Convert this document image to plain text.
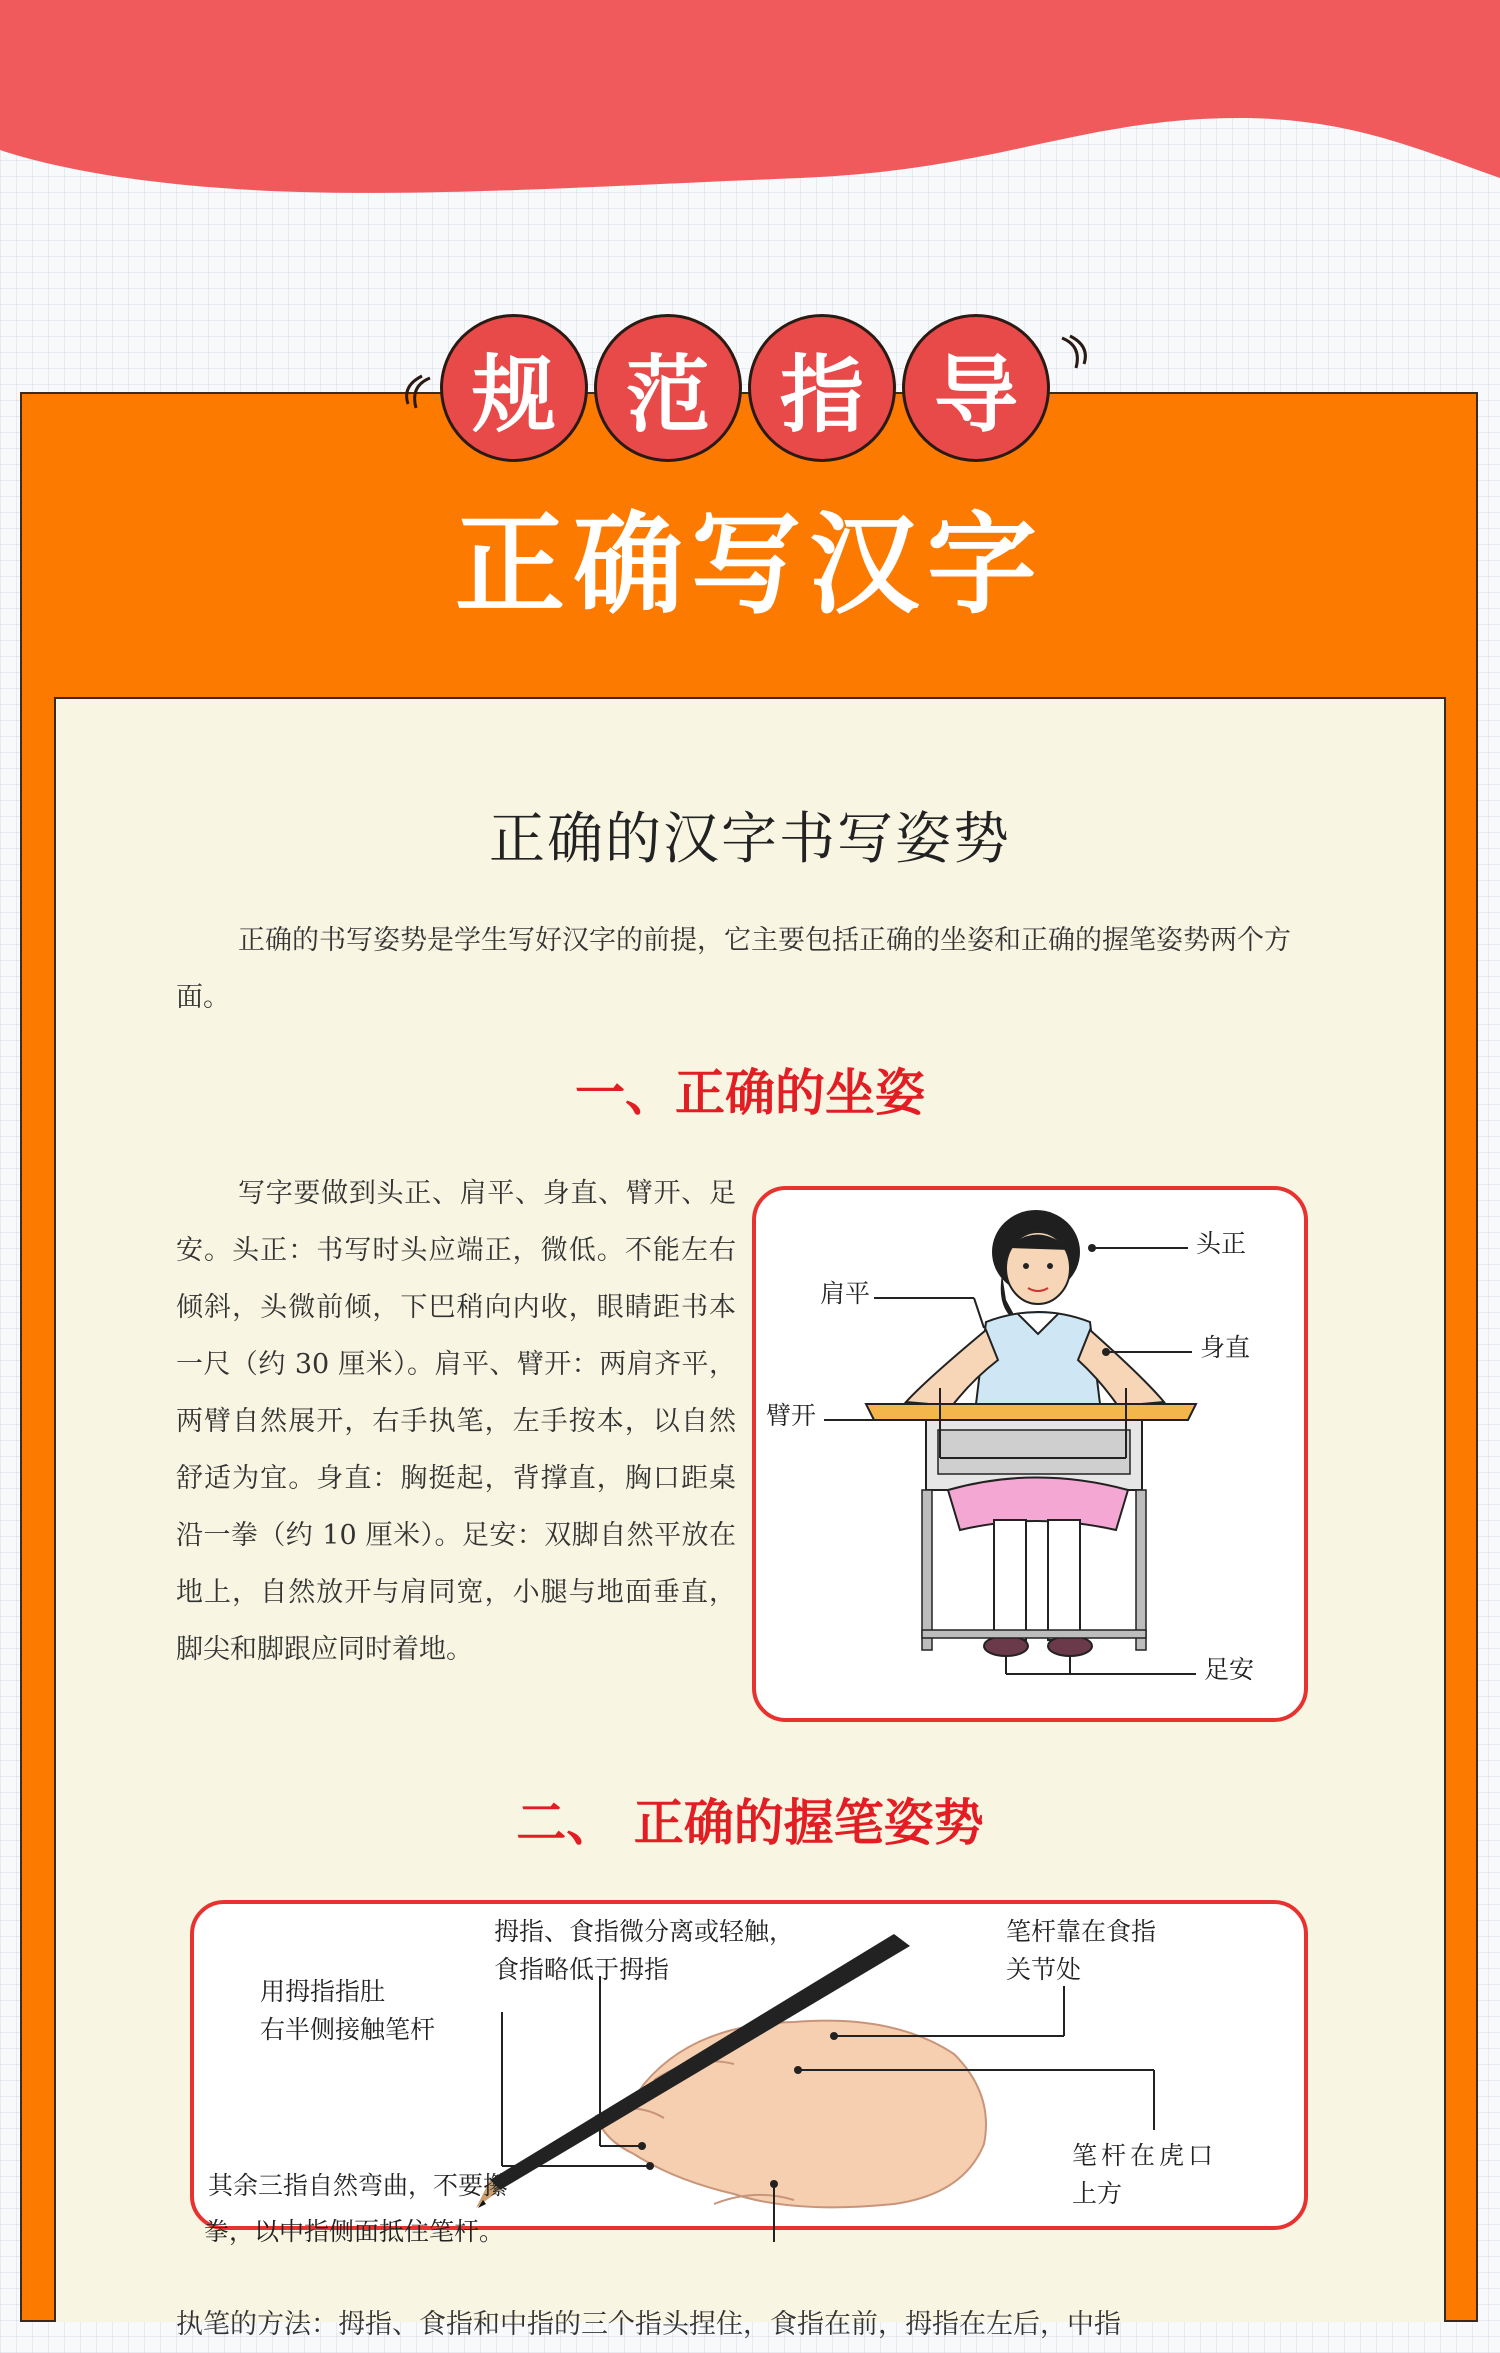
规 范 指 导
正确写汉字
正确的汉字书写姿势
正确的书写姿势是学生写好汉字的前提，它主要包括正确的坐姿和正确的握笔姿势两个方面。
一、正确的坐姿
写字要做到头正、肩平、身直、臂开、足安。头正：书写时头应端正，微低。不能左右倾斜，头微前倾，下巴稍向内收，眼睛距书本一尺（约 30 厘米）。肩平、臂开：两肩齐平，两臂自然展开，右手执笔，左手按本，以自然舒适为宜。身直：胸挺起，背撑直，胸口距桌沿一拳（约 10 厘米）。足安：双脚自然平放在地上，自然放开与肩同宽，小腿与地面垂直，脚尖和脚跟应同时着地。
头正
肩平
身直
臂开
足安
二、 正确的握笔姿势
拇指、食指微分离或轻触，
食指略低于拇指
笔杆靠在食指
关节处
用拇指指肚
右半侧接触笔杆
笔杆在虎口
上方
其余三指自然弯曲，不要攥
拳，以中指侧面抵住笔杆。
执笔的方法：拇指、食指和中指的三个指头捏住，食指在前，拇指在左后，中指
